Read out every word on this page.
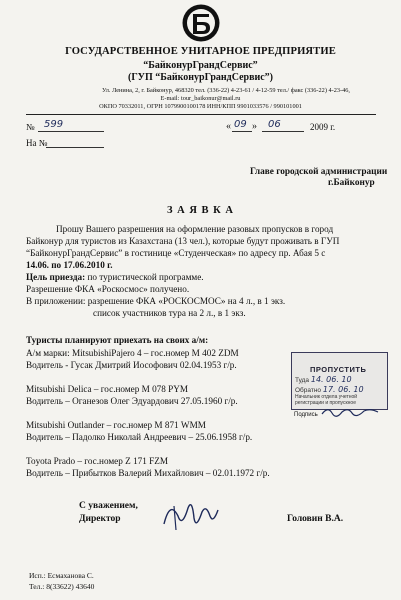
ГОСУДАРСТВЕННОЕ УНИТАРНОЕ ПРЕДПРИЯТИЕ
“БайконурГрандСервис”
(ГУП “БайконурГрандСервис”)
Ул. Ленина, 2, г. Байконур, 468320 тел. (336-22) 4-23-61 / 4-12-59 тел./ факс (336-22) 4-23-46,
E-mail: tour_baikonur@mail.ru
ОКПО 70332011, ОГРН 1079900100178 ИНН/КПП 9901033576 / 990101001
№ 599	« 09 » 06	2009 г.
На №
Главе городской администрации
г.Байконур
З А Я В К А
Прошу Вашего разрешения на оформление разовых пропусков в город
Байконур для туристов из Казахстана (13 чел.), которые будут проживать в ГУП
“БайконурГрандСервис” в гостинице «Студенческая» по адресу пр. Абая 5 с
14.06. по 17.06.2010 г.
Цель приезда: по туристической программе.
Разрешение ФКА «Роскосмос» получено.
В приложении: разрешение ФКА «РОСКОСМОС» на 4 л., в 1 экз.
список участников тура на 2 л., в 1 экз.
Туристы планируют приехать на своих а/м:
А/м марки: MitsubishiPajero 4 – гос.номер М 402 ZDM
Водитель - Гусак Дмитрий Иософович 02.04.1953 г/р.
Mitsubishi Delica – гос.номер М 078 PYM
Водитель – Оганезов Олег Эдуардович 27.05.1960 г/р.
Mitsubishi Outlander – гос.номер М 871 WMM
Водитель – Падолко Николай Андреевич – 25.06.1958 г/р.
Toyota Prado – гос.номер Z 171 FZM
Водитель – Прибытков Валерий Михайлович – 02.01.1972 г/р.
ПРОПУСТИТЬ
Туда 14. 06. 10
Обратно 17. 06. 10
Начальник отдела учетной
регистрации и пропускное
Подпись
С уважением,
Директор	Головин В.А.
Исп.: Есмаханова С.
Тел.: 8(33622) 43640
